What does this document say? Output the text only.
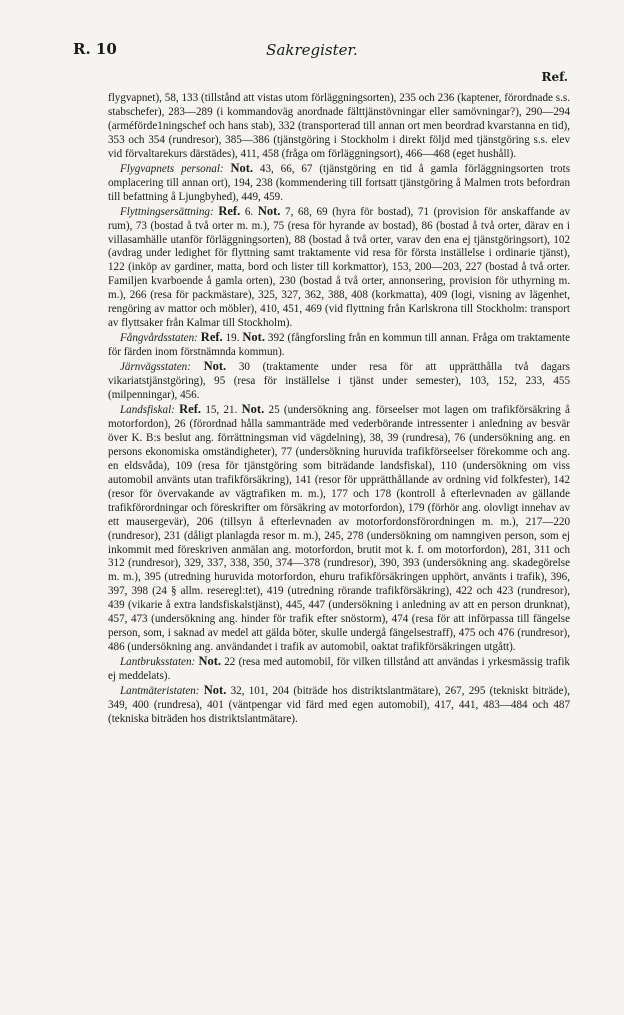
R. 10	Sakregister.
Ref.

flygvapnet), 58, 133 (tillstånd att vistas utom förläggningsorten), 235 och 236 (kaptener, förordnade s.s. stabschefer), 283—289 (i kommandoväg anordnade fälttjänstövningar eller samövningar?), 290—294 (arméförde1ningschef och hans stab), 332 (transporterad till annan ort men beordrad kvarstanna en tid), 353 och 354 (rundresor), 385—386 (tjänstgöring i Stockholm i direkt följd med tjänstgöring s.s. elev vid förvaltarekurs därstädes), 411, 458 (fråga om förläggningsort), 466—468 (eget hushåll).

Flygvapnets personal: Not. 43, 66, 67 (tjänstgöring en tid å gamla förläggningsorten trots omplacering till annan ort), 194, 238 (kommendering till fortsatt tjänstgöring å Malmen trots befordran till befattning å Ljungbyhed), 449, 459.

Flyttningsersättning: Ref. 6. Not. 7, 68, 69 (hyra för bostad), 71 (provision för anskaffande av rum), 73 (bostad å två orter m. m.), 75 (resa för hyrande av bostad), 86 (bostad å två orter, därav en i villasamhälle utanför förläggningsorten), 88 (bostad å två orter, varav den ena ej tjänstgöringsort), 102 (avdrag under ledighet för flyttning samt traktamente vid resa för första inställelse i ordinarie tjänst), 122 (inköp av gardiner, matta, bord och lister till korkmattor), 153, 200—203, 227 (bostad å två orter. Familjen kvarboende å gamla orten), 230 (bostad å två orter, annonsering, provision för uthyrning m. m.), 266 (resa för packmästare), 325, 327, 362, 388, 408 (korkmatta), 409 (logi, visning av lägenhet, rengöring av mattor och möbler), 410, 451, 469 (vid flyttning från Karlskrona till Stockholm: transport av flyttsaker från Kalmar till Stockholm).

Fångvårdsstaten: Ref. 19. Not. 392 (fångforsling från en kommun till annan. Fråga om traktamente för färden inom förstnämnda kommun).

Järnvägsstaten: Not. 30 (traktamente under resa för att upprätthålla två dagars vikariatstjänstgöring), 95 (resa för inställelse i tjänst under semester), 103, 152, 233, 455 (milpenningar), 456.

Landsfiskal: Ref. 15, 21. Not. 25 (undersökning ang. förseelser mot lagen om trafikförsäkring å motorfordon), 26 (förordnad hålla sammanträde med vederbörande intressenter i anledning av besvär över K. B:s beslut ang. förrättningsman vid vägdelning), 38, 39 (rundresa), 76 (undersökning ang. en persons ekonomiska omständigheter), 77 (undersökning huruvida trafikförseelser förekomme och ang. en eldsvåda), 109 (resa för tjänstgöring som biträdande landsfiskal), 110 (undersökning om viss automobil använts utan trafikförsäkring), 141 (resor för upprätthållande av ordning vid folkfester), 142 (resor för övervakande av vägtrafiken m. m.), 177 och 178 (kontroll å efterlevnaden av gällande trafikförordningar och föreskrifter om försäkring av motorfordon), 179 (förhör ang. olovligt innehav av ett mausergevär), 206 (tillsyn å efterlevnaden av motorfordonsförordningen m. m.), 217—220 (rundresor), 231 (dåligt planlagda resor m. m.), 245, 278 (undersökning om namngiven person, som ej inkommit med föreskriven anmälan ang. motorfordon, brutit mot k. f. om motorfordon), 281, 311 och 312 (rundresor), 329, 337, 338, 350, 374—378 (rundresor), 390, 393 (undersökning ang. skadegörelse m. m.), 395 (utredning huruvida motorfordon, ehuru trafikförsäkringen upphört, använts i trafik), 396, 397, 398 (24 § allm. reseregl:tet), 419 (utredning rörande trafikförsäkring), 422 och 423 (rundresor), 439 (vikarie å extra landsfiskalstjänst), 445, 447 (undersökning i anledning av att en person drunknat), 457, 473 (undersökning ang. hinder för trafik efter snöstorm), 474 (resa för att införpassa till fängelse person, som, i saknad av medel att gälda böter, skulle undergå fängelsestraff), 475 och 476 (rundresor), 486 (undersökning ang. användandet i trafik av automobil, oaktat trafikförsäkringen utgått).

Lantbruksstaten: Not. 22 (resa med automobil, för vilken tillstånd att användas i yrkesmässig trafik ej meddelats).

Lantmäteristaten: Not. 32, 101, 204 (biträde hos distriktslantmätare), 267, 295 (tekniskt biträde), 349, 400 (rundresa), 401 (väntpengar vid färd med egen automobil), 417, 441, 483—484 och 487 (tekniska biträden hos distriktslantmätare).
